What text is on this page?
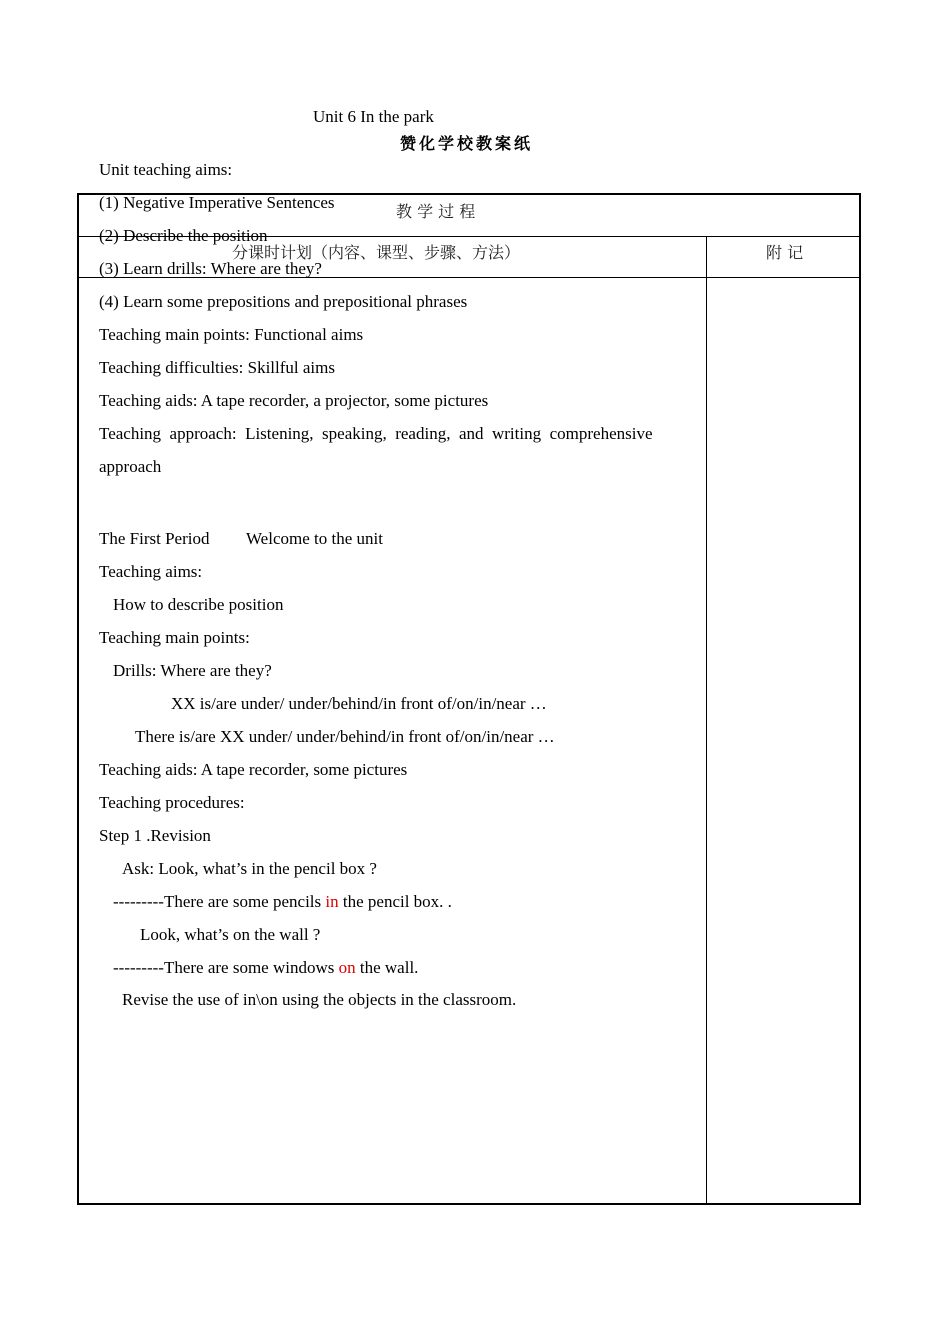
Unit 6 In the park
赞化学校教案纸
教 学 过 程
分课时计划（内容、课型、步骤、方法）	附 记
Unit teaching aims:
(1) Negative Imperative Sentences
(2) Describe the position
(3) Learn drills: Where are they?
(4) Learn some prepositions and prepositional phrases
Teaching main points: Functional aims
Teaching difficulties: Skillful aims
Teaching aids: A tape recorder, a projector, some pictures
Teaching  approach:  Listening,  speaking,  reading,  and  writing  comprehensive
approach
The First Period Welcome to the unit
Teaching aims:
How to describe position
Teaching main points:
Drills: Where are they?
XX is/are under/ under/behind/in front of/on/in/near …
There is/are XX under/ under/behind/in front of/on/in/near …
Teaching aids: A tape recorder, some pictures
Teaching procedures:
Step 1 .Revision
Ask: Look, what’s in the pencil box ?
---------There are some pencils in the pencil box. .
Look, what’s on the wall ?
---------There are some windows on the wall.
Revise the use of in\on using the objects in the classroom.
